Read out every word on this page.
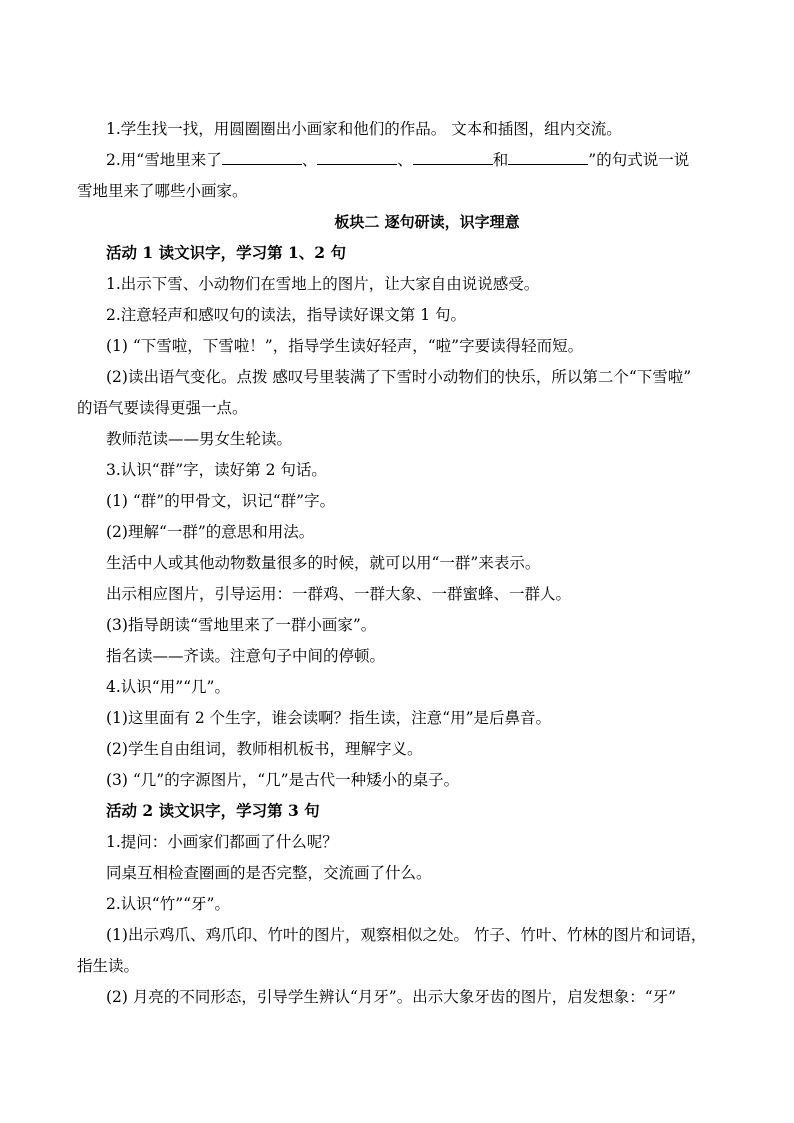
1.学生找一找，用圆圈圈出小画家和他们的作品。 文本和插图，组内交流。
2.用“雪地里来了	、	、	和	”的句式说一说
雪地里来了哪些小画家。
板块二 逐句研读，识字理意
活动 1 读文识字，学习第 1、2 句
1.出示下雪、小动物们在雪地上的图片，让大家自由说说感受。
2.注意轻声和感叹句的读法，指导读好课文第 1 句。
(1) “下雪啦，下雪啦！”，指导学生读好轻声，“啦”字要读得轻而短。
(2)读出语气变化。点拨 感叹号里装满了下雪时小动物们的快乐，所以第二个“下雪啦”
的语气要读得更强一点。
教师范读——男女生轮读。
3.认识“群”字，读好第 2 句话。
(1) “群”的甲骨文，识记“群”字。
(2)理解“一群”的意思和用法。
生活中人或其他动物数量很多的时候，就可以用“一群”来表示。
出示相应图片，引导运用：一群鸡、一群大象、一群蜜蜂、一群人。
(3)指导朗读“雪地里来了一群小画家”。
指名读——齐读。注意句子中间的停顿。
4.认识“用”“几”。
(1)这里面有 2 个生字，谁会读啊？指生读，注意“用”是后鼻音。
(2)学生自由组词，教师相机板书，理解字义。
(3) “几”的字源图片，“几”是古代一种矮小的桌子。
活动 2 读文识字，学习第 3 句
1.提问：小画家们都画了什么呢？
同桌互相检查圈画的是否完整，交流画了什么。
2.认识“竹”“牙”。
(1)出示鸡爪、鸡爪印、竹叶的图片，观察相似之处。 竹子、竹叶、竹林的图片和词语，
指生读。
(2) 月亮的不同形态，引导学生辨认“月牙”。出示大象牙齿的图片，启发想象：“牙”
